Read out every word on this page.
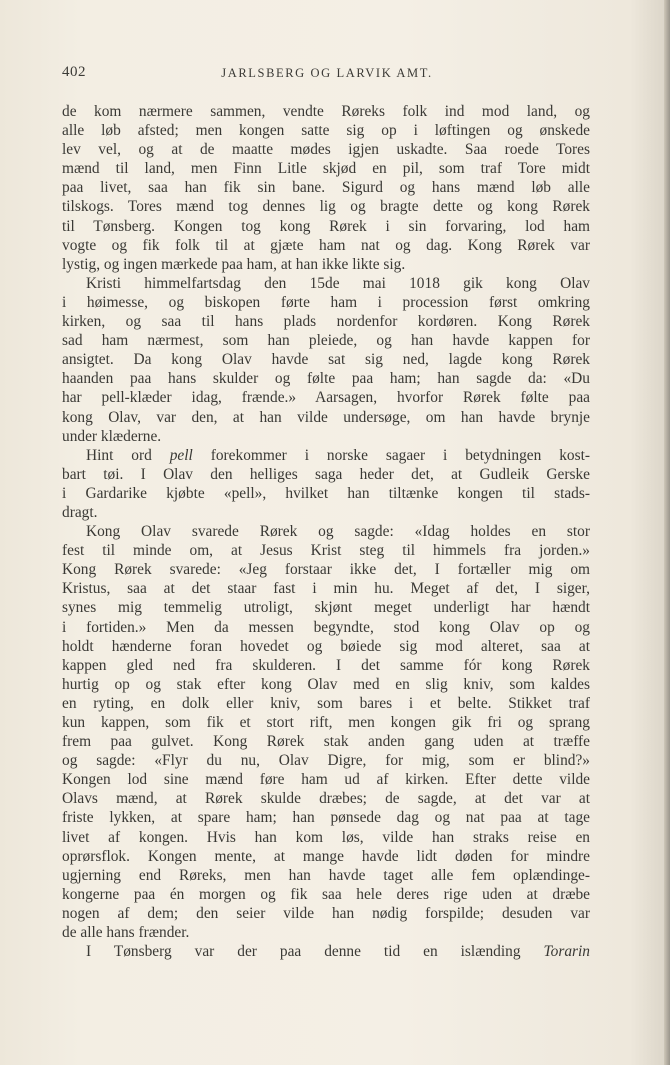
402	JARLSBERG OG LARVIK AMT.
de kom nærmere sammen, vendte Røreks folk ind mod land, og
alle løb afsted; men kongen satte sig op i løftingen og ønskede
lev vel, og at de maatte mødes igjen uskadte. Saa roede Tores
mænd til land, men Finn Litle skjød en pil, som traf Tore midt
paa livet, saa han fik sin bane. Sigurd og hans mænd løb alle
tilskogs. Tores mænd tog dennes lig og bragte dette og kong Rørek
til Tønsberg. Kongen tog kong Rørek i sin forvaring, lod ham
vogte og fik folk til at gjæte ham nat og dag. Kong Rørek var
lystig, og ingen mærkede paa ham, at han ikke likte sig.
Kristi himmelfartsdag den 15de mai 1018 gik kong Olav
i høimesse, og biskopen førte ham i procession først omkring
kirken, og saa til hans plads nordenfor kordøren. Kong Rørek
sad ham nærmest, som han pleiede, og han havde kappen for
ansigtet. Da kong Olav havde sat sig ned, lagde kong Rørek
haanden paa hans skulder og følte paa ham; han sagde da: «Du
har pell-klæder idag, frænde.» Aarsagen, hvorfor Rørek følte paa
kong Olav, var den, at han vilde undersøge, om han havde brynje
under klæderne.
Hint ord pell forekommer i norske sagaer i betydningen kost-
bart tøi. I Olav den helliges saga heder det, at Gudleik Gerske
i Gardarike kjøbte «pell», hvilket han tiltænke kongen til stads-
dragt.
Kong Olav svarede Rørek og sagde: «Idag holdes en stor
fest til minde om, at Jesus Krist steg til himmels fra jorden.»
Kong Rørek svarede: «Jeg forstaar ikke det, I fortæller mig om
Kristus, saa at det staar fast i min hu. Meget af det, I siger,
synes mig temmelig utroligt, skjønt meget underligt har hændt
i fortiden.» Men da messen begyndte, stod kong Olav op og
holdt hænderne foran hovedet og bøiede sig mod alteret, saa at
kappen gled ned fra skulderen. I det samme fór kong Rørek
hurtig op og stak efter kong Olav med en slig kniv, som kaldes
en ryting, en dolk eller kniv, som bares i et belte. Stikket traf
kun kappen, som fik et stort rift, men kongen gik fri og sprang
frem paa gulvet. Kong Rørek stak anden gang uden at træffe
og sagde: «Flyr du nu, Olav Digre, for mig, som er blind?»
Kongen lod sine mænd føre ham ud af kirken. Efter dette vilde
Olavs mænd, at Rørek skulde dræbes; de sagde, at det var at
friste lykken, at spare ham; han pønsede dag og nat paa at tage
livet af kongen. Hvis han kom løs, vilde han straks reise en
oprørsflok. Kongen mente, at mange havde lidt døden for mindre
ugjerning end Røreks, men han havde taget alle fem oplændinge-
kongerne paa én morgen og fik saa hele deres rige uden at dræbe
nogen af dem; den seier vilde han nødig forspilde; desuden var
de alle hans frænder.
I Tønsberg var der paa denne tid en islænding Torarin
